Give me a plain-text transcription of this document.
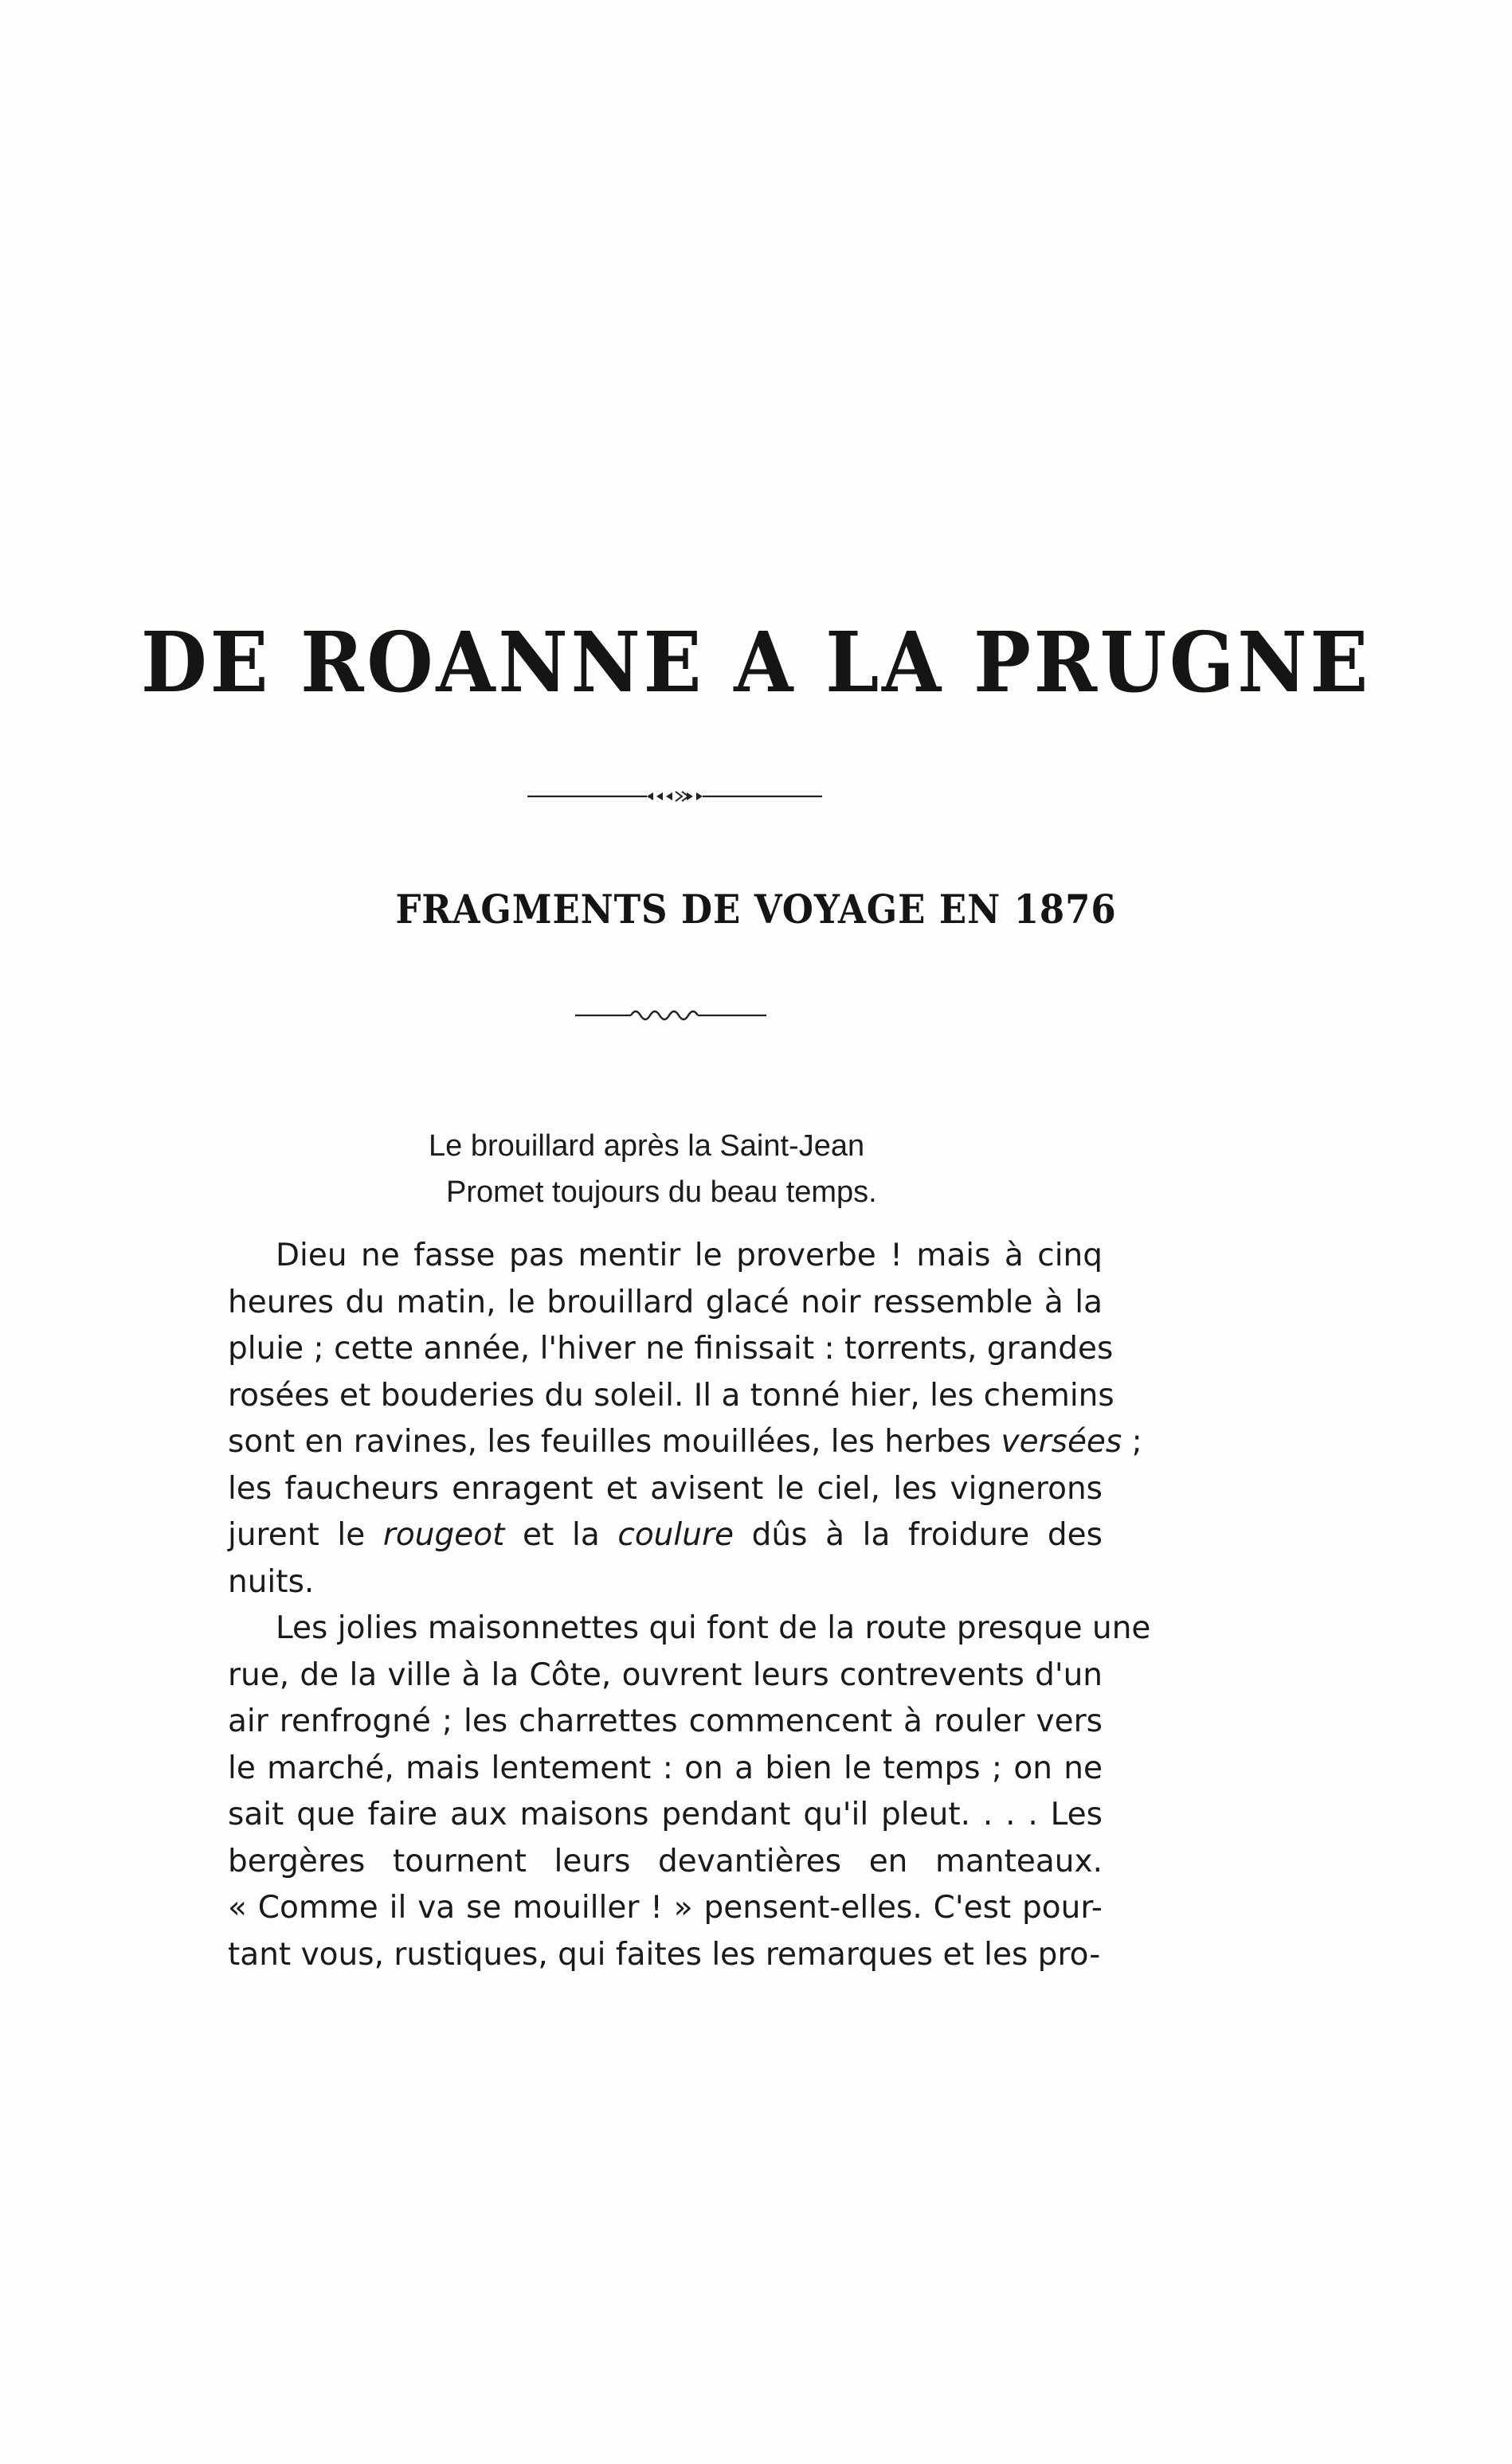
DE ROANNE A LA PRUGNE
FRAGMENTS DE VOYAGE EN 1876
Le brouillard après la Saint-Jean
Promet toujours du beau temps.
Dieu ne fasse pas mentir le proverbe ! mais à cinq
heures du matin, le brouillard glacé noir ressemble à la
pluie ; cette année, l'hiver ne finissait : torrents, grandes
rosées et bouderies du soleil. Il a tonné hier, les chemins
sont en ravines, les feuilles mouillées, les herbes versées ;
les faucheurs enragent et avisent le ciel, les vignerons
jurent le rougeot et la coulure dûs à la froidure des
nuits.
Les jolies maisonnettes qui font de la route presque une
rue, de la ville à la Côte, ouvrent leurs contrevents d'un
air renfrogné ; les charrettes commencent à rouler vers
le marché, mais lentement : on a bien le temps ; on ne
sait que faire aux maisons pendant qu'il pleut. . . . Les
bergères tournent leurs devantières en manteaux.
« Comme il va se mouiller ! » pensent-elles. C'est pour-
tant vous, rustiques, qui faites les remarques et les pro-
